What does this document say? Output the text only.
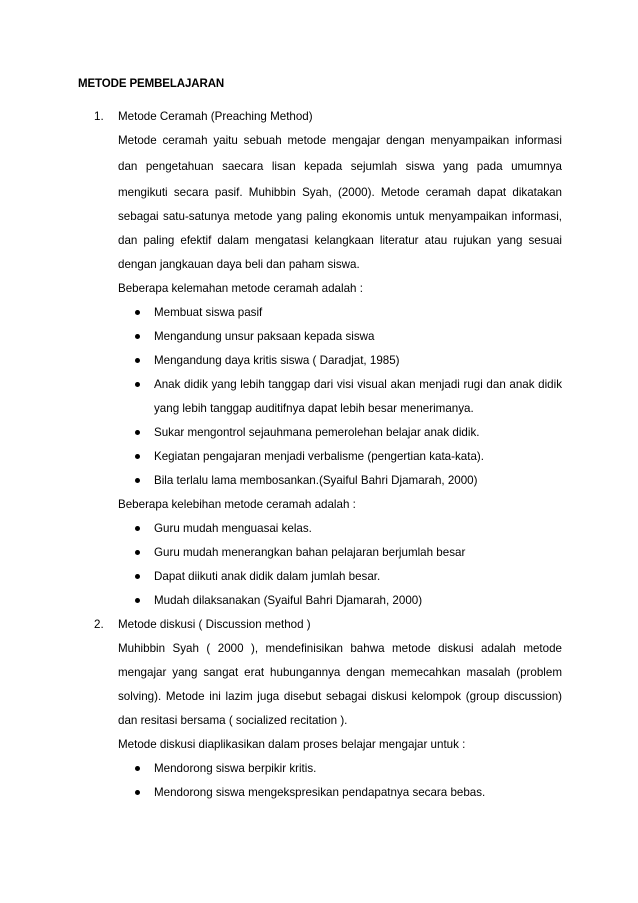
METODE PEMBELAJARAN
1. Metode Ceramah (Preaching Method)
Metode ceramah yaitu sebuah metode mengajar dengan menyampaikan informasi
dan pengetahuan saecara lisan kepada sejumlah siswa yang pada umumnya
mengikuti secara pasif. Muhibbin Syah, (2000). Metode ceramah dapat dikatakan
sebagai satu-satunya metode yang paling ekonomis untuk menyampaikan informasi,
dan paling efektif dalam mengatasi kelangkaan literatur atau rujukan yang sesuai
dengan jangkauan daya beli dan paham siswa.
Beberapa kelemahan metode ceramah adalah :
Membuat siswa pasif
Mengandung unsur paksaan kepada siswa
Mengandung daya kritis siswa ( Daradjat, 1985)
Anak didik yang lebih tanggap dari visi visual akan menjadi rugi dan anak didik
yang lebih tanggap auditifnya dapat lebih besar menerimanya.
Sukar mengontrol sejauhmana pemerolehan belajar anak didik.
Kegiatan pengajaran menjadi verbalisme (pengertian kata-kata).
Bila terlalu lama membosankan.(Syaiful Bahri Djamarah, 2000)
Beberapa kelebihan metode ceramah adalah :
Guru mudah menguasai kelas.
Guru mudah menerangkan bahan pelajaran berjumlah besar
Dapat diikuti anak didik dalam jumlah besar.
Mudah dilaksanakan (Syaiful Bahri Djamarah, 2000)
2. Metode diskusi ( Discussion method )
Muhibbin Syah ( 2000 ), mendefinisikan bahwa metode diskusi adalah metode
mengajar yang sangat erat hubungannya dengan memecahkan masalah (problem
solving). Metode ini lazim juga disebut sebagai diskusi kelompok (group discussion)
dan resitasi bersama ( socialized recitation ).
Metode diskusi diaplikasikan dalam proses belajar mengajar untuk :
Mendorong siswa berpikir kritis.
Mendorong siswa mengekspresikan pendapatnya secara bebas.
